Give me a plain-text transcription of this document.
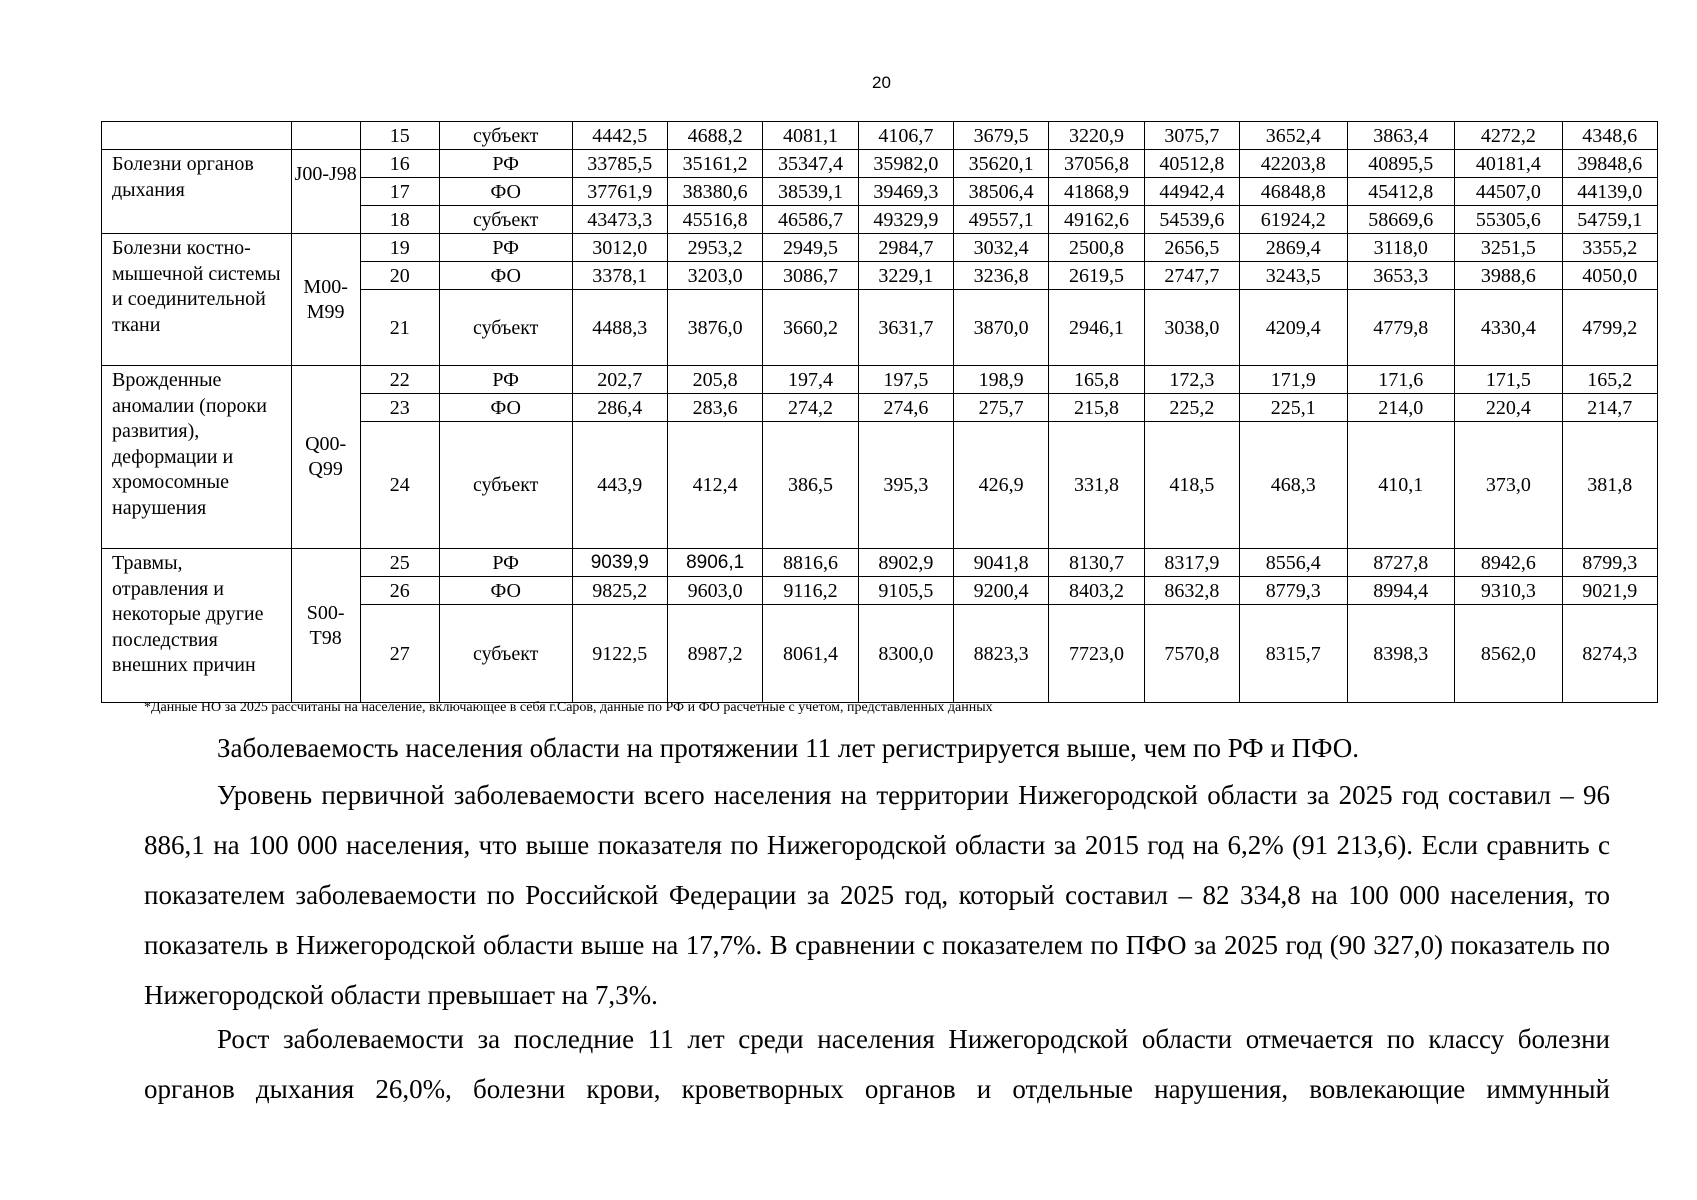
20
		15	субъект	4442,5	4688,2	4081,1	4106,7	3679,5	3220,9	3075,7	3652,4	3863,4	4272,2	4348,6
Болезни органов дыхания	J00-J98	16	РФ	33785,5	35161,2	35347,4	35982,0	35620,1	37056,8	40512,8	42203,8	40895,5	40181,4	39848,6
		17	ФО	37761,9	38380,6	38539,1	39469,3	38506,4	41868,9	44942,4	46848,8	45412,8	44507,0	44139,0
		18	субъект	43473,3	45516,8	46586,7	49329,9	49557,1	49162,6	54539,6	61924,2	58669,6	55305,6	54759,1
Болезни костно-мышечной системы и соединительной ткани	M00-M99	19	РФ	3012,0	2953,2	2949,5	2984,7	3032,4	2500,8	2656,5	2869,4	3118,0	3251,5	3355,2
		20	ФО	3378,1	3203,0	3086,7	3229,1	3236,8	2619,5	2747,7	3243,5	3653,3	3988,6	4050,0
		21	субъект	4488,3	3876,0	3660,2	3631,7	3870,0	2946,1	3038,0	4209,4	4779,8	4330,4	4799,2
Врожденные аномалии (пороки развития), деформации и хромосомные нарушения	Q00-Q99	22	РФ	202,7	205,8	197,4	197,5	198,9	165,8	172,3	171,9	171,6	171,5	165,2
		23	ФО	286,4	283,6	274,2	274,6	275,7	215,8	225,2	225,1	214,0	220,4	214,7
		24	субъект	443,9	412,4	386,5	395,3	426,9	331,8	418,5	468,3	410,1	373,0	381,8
Травмы, отравления и некоторые другие последствия внешних причин	S00-T98	25	РФ	9039,9	8906,1	8816,6	8902,9	9041,8	8130,7	8317,9	8556,4	8727,8	8942,6	8799,3
		26	ФО	9825,2	9603,0	9116,2	9105,5	9200,4	8403,2	8632,8	8779,3	8994,4	9310,3	9021,9
		27	субъект	9122,5	8987,2	8061,4	8300,0	8823,3	7723,0	7570,8	8315,7	8398,3	8562,0	8274,3
*Данные НО за 2025 рассчитаны на население, включающее в себя г.Саров, данные по РФ и ФО расчетные с учетом, представленных данных
Заболеваемость населения области на протяжении 11 лет регистрируется выше, чем по РФ и ПФО.
Уровень первичной заболеваемости всего населения на территории Нижегородской области за 2025 год составил – 96 886,1 на 100 000 населения, что выше показателя по Нижегородской области за 2015 год на 6,2% (91 213,6). Если сравнить с показателем заболеваемости по Российской Федерации за 2025 год, который составил – 82 334,8 на 100 000 населения, то показатель в Нижегородской области выше на 17,7%. В сравнении с показателем по ПФО за 2025 год (90 327,0) показатель по Нижегородской области превышает на 7,3%.
Рост заболеваемости за последние 11 лет среди населения Нижегородской области отмечается по классу болезни органов дыхания 26,0%, болезни крови, кроветворных органов и отдельные нарушения, вовлекающие иммунный
